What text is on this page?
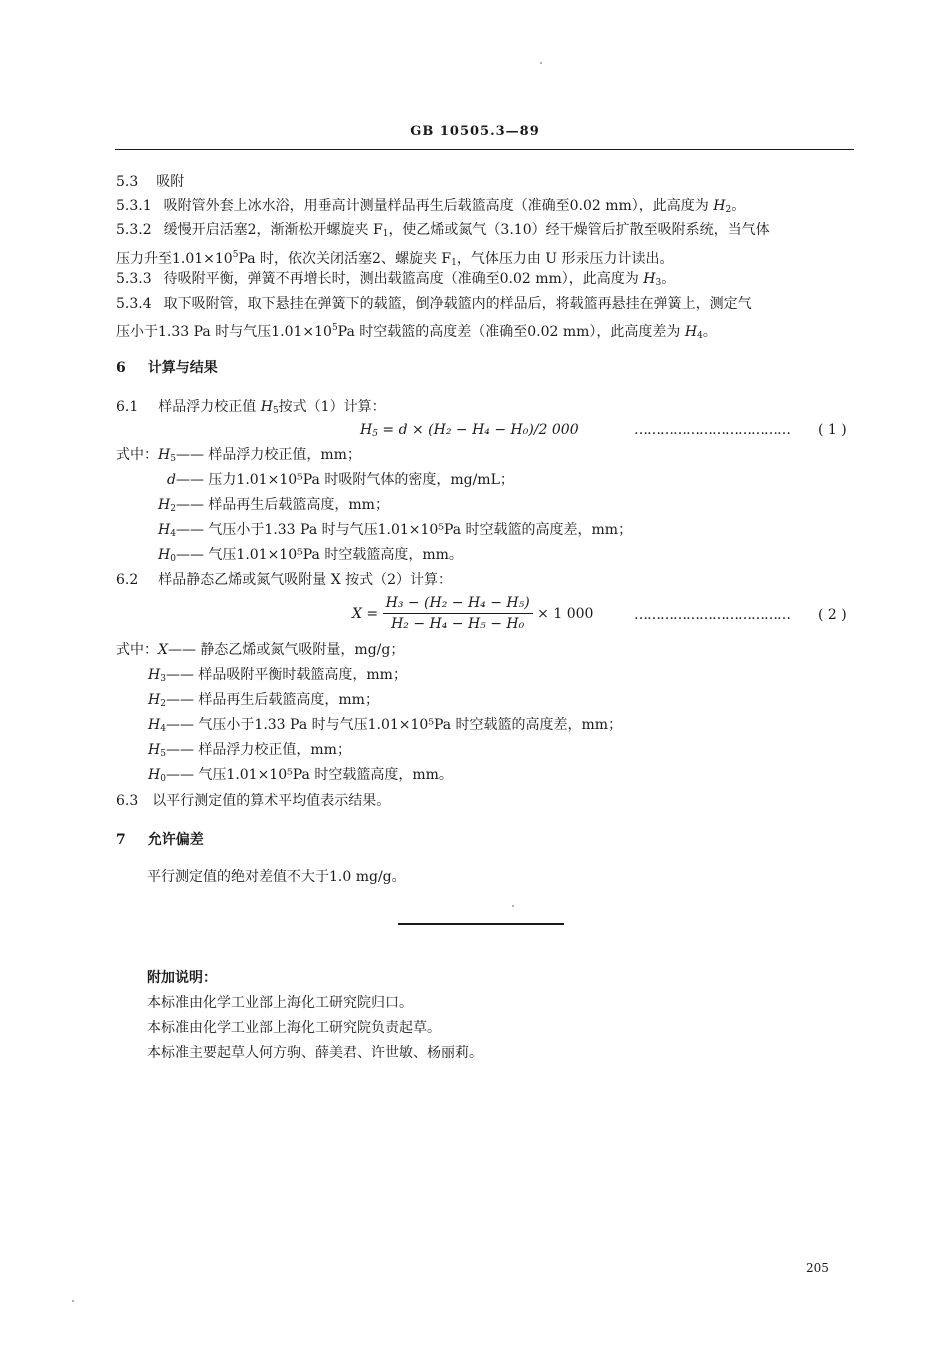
GB 10505.3—89
5.3 吸附
5.3.1 吸附管外套上冰水浴，用垂高计测量样品再生后载篮高度（准确至0.02 mm），此高度为 $H_2$。
5.3.2 缓慢开启活塞2，渐渐松开螺旋夹 $F_1$，使乙烯或氮气（3.10）经干燥管后扩散至吸附系统，当气体
压力升至$1.01\times 10^5Pa$ 时，依次关闭活塞2、螺旋夹 $F_1$，气体压力由 U 形汞压力计读出。
5.3.3 待吸附平衡，弹簧不再增长时，测出载篮高度（准确至0.02 mm），此高度为 $H_3$。
5.3.4 取下吸附管，取下悬挂在弹簧下的载篮，倒净载篮内的样品后，将载篮再悬挂在弹簧上，测定气
压小于1.33 Pa 时与气压$1.01\times 10^5Pa$ 时空载篮的高度差（准确至0.02 mm），此高度差为 $H_4$。
6 计算与结果
6.1 样品浮力校正值 $H_5$按式（1）计算：
$H_5 = d \times (H_2 - H_4 - H_0)/2$ 000	……………………………… ( 1 )
式中：$H_5——$ 样品浮力校正值，mm；
d—— 压力1.01×10⁵Pa 时吸附气体的密度，mg/mL；
$H_2——$ 样品再生后载篮高度，mm；
$H_4——$ 气压小于1.33 Pa 时与气压1.01×10⁵Pa 时空载篮的高度差，mm；
$H_0——$ 气压1.01×10⁵Pa 时空载篮高度，mm。
6.2 样品静态乙烯或氮气吸附量 X 按式（2）计算：
$X = \frac{\text{H₃ − (H₂ − H₄ − H₅)}}{\text{H₂ − H₄ − H₅ − H₀}} \times 1$ 000	……………………………… ( 2 )
式中：X—— 静态乙烯或氮气吸附量，mg/g；
$H_3——$ 样品吸附平衡时载篮高度，mm；
$H_2——$ 样品再生后载篮高度，mm；
$H_4——$ 气压小于1.33 Pa 时与气压1.01×10⁵Pa 时空载篮的高度差，mm；
$H_5——$ 样品浮力校正值，mm；
$H_0——$ 气压1.01×10⁵Pa 时空载篮高度，mm。
6.3 以平行测定值的算术平均值表示结果。
7 允许偏差
平行测定值的绝对差值不大于1.0 mg/g。
附加说明：
本标准由化学工业部上海化工研究院归口。
本标准由化学工业部上海化工研究院负责起草。
本标准主要起草人何方驹、薛美君、许世敏、杨丽莉。
205
